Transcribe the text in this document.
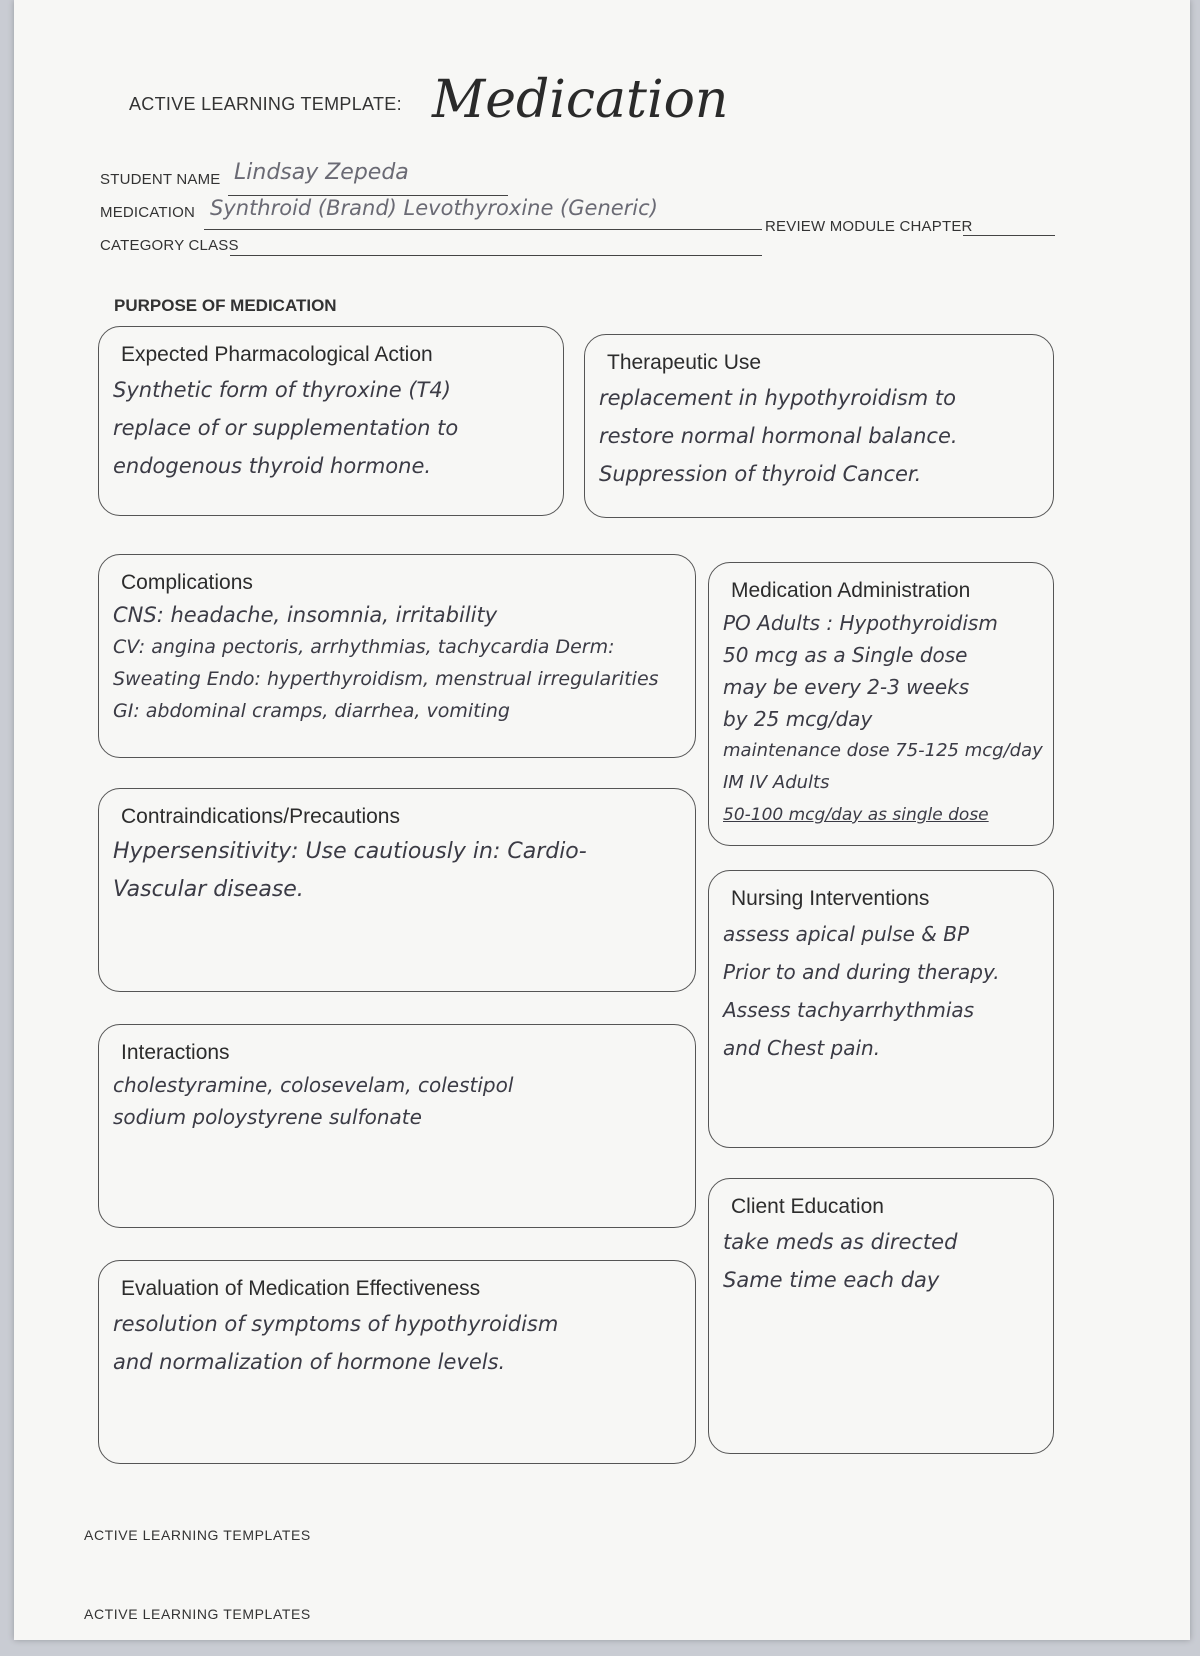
ACTIVE LEARNING TEMPLATE: Medication
STUDENT NAME Lindsay Zepeda
MEDICATION Synthroid (Brand) Levothyroxine (Generic)
REVIEW MODULE CHAPTER
CATEGORY CLASS
PURPOSE OF MEDICATION
Expected Pharmacological Action
Synthetic form of thyroxine (T4)
replace of or supplementation to
endogenous thyroid hormone.
Therapeutic Use
replacement in hypothyroidism to
restore normal hormonal balance.
Suppression of thyroid Cancer.
Complications
CNS: headache, insomnia, irritability
CV: angina pectoris, arrhythmias, tachycardia Derm:
Sweating Endo: hyperthyroidism, menstrual irregularities
GI: abdominal cramps, diarrhea, vomiting
Medication Administration
PO Adults : Hypothyroidism
50 mcg as a Single dose
may be every 2-3 weeks
by 25 mcg/day
maintenance dose 75-125 mcg/day
IM IV Adults
50-100 mcg/day as single dose
Contraindications/Precautions
Hypersensitivity: Use cautiously in: Cardio-
Vascular disease.	Nursing Interventions
assess apical pulse & BP
Prior to and during therapy.
Assess tachyarrhythmias
and Chest pain.
Interactions
cholestyramine, colosevelam, colestipol
sodium poloystyrene sulfonate
Client Education
take meds as directed
Same time each day
Evaluation of Medication Effectiveness
resolution of symptoms of hypothyroidism
and normalization of hormone levels.
ACTIVE LEARNING TEMPLATES
ACTIVE LEARNING TEMPLATES
